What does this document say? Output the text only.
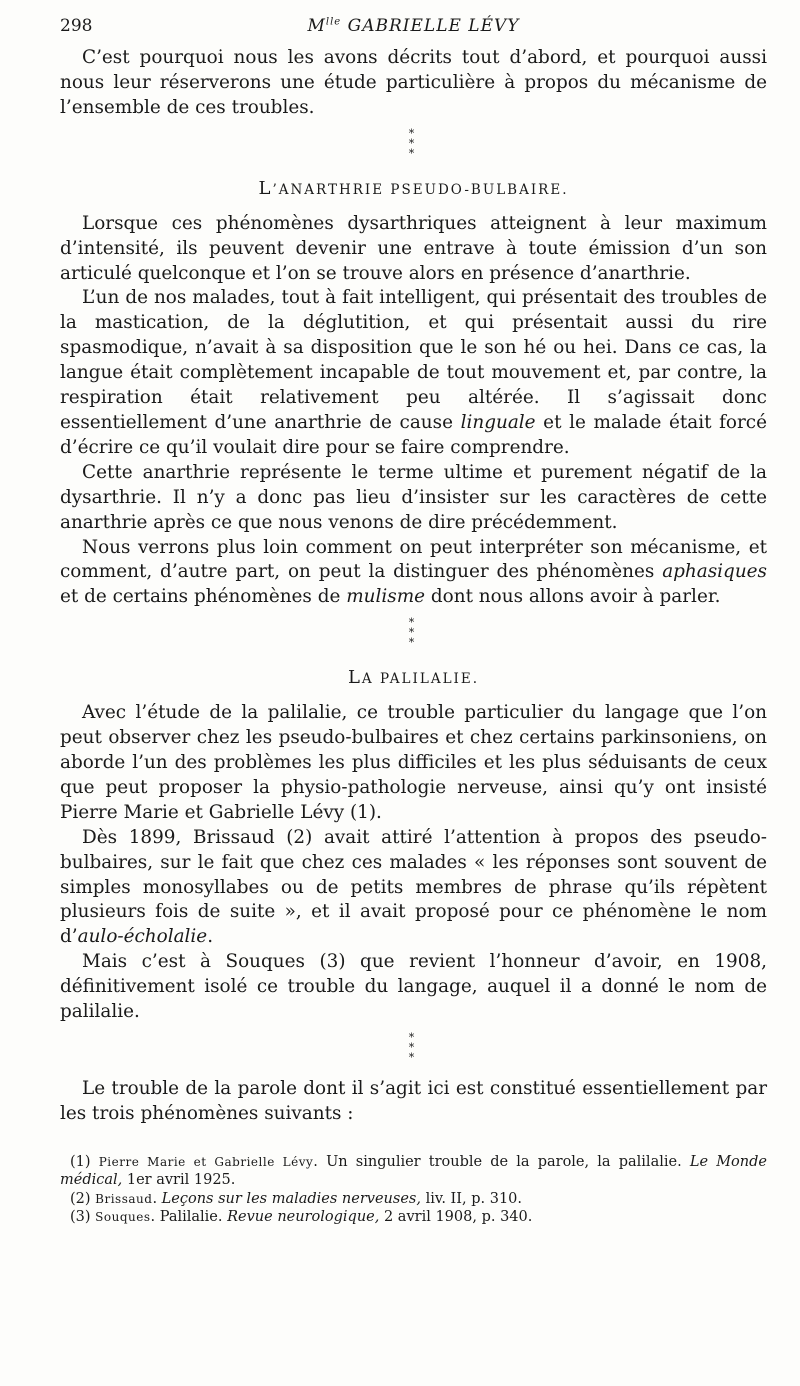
298	$M^{lle}$ GABRIELLE LÉVY

C’est pourquoi nous les avons décrits tout d’abord, et pourquoi aussi nous leur réserverons une étude particulière à propos du mécanisme de l’ensemble de ces troubles.

*
*
*
L’ANARTHRIE PSEUDO-BULBAIRE.

Lorsque ces phénomènes dysarthriques atteignent à leur maximum d’intensité, ils peuvent devenir une entrave à toute émission d’un son articulé quelconque et l’on se trouve alors en présence d’anarthrie.

L’un de nos malades, tout à fait intelligent, qui présentait des troubles de la mastication, de la déglutition, et qui présentait aussi du rire spasmodique, n’avait à sa disposition que le son hé ou hei. Dans ce cas, la langue était complètement incapable de tout mouvement et, par contre, la respiration était relativement peu altérée. Il s’agissait donc essentiellement d’une anarthrie de cause linguale et le malade était forcé d’écrire ce qu’il voulait dire pour se faire comprendre.

Cette anarthrie représente le terme ultime et purement négatif de la dysarthrie. Il n’y a donc pas lieu d’insister sur les caractères de cette anarthrie après ce que nous venons de dire précédemment.

Nous verrons plus loin comment on peut interpréter son mécanisme, et comment, d’autre part, on peut la distinguer des phénomènes aphasiques et de certains phénomènes de mulisme dont nous allons avoir à parler.

*
*
*
LA PALILALIE.

Avec l’étude de la palilalie, ce trouble particulier du langage que l’on peut observer chez les pseudo-bulbaires et chez certains parkinsoniens, on aborde l’un des problèmes les plus difficiles et les plus séduisants de ceux que peut proposer la physio-pathologie nerveuse, ainsi qu’y ont insisté Pierre Marie et Gabrielle Lévy (1).

Dès 1899, Brissaud (2) avait attiré l’attention à propos des pseudo-bulbaires, sur le fait que chez ces malades « les réponses sont souvent de simples monosyllabes ou de petits membres de phrase qu’ils répètent plusieurs fois de suite », et il avait proposé pour ce phénomène le nom d’aulo-écholalie.

Mais c’est à Souques (3) que revient l’honneur d’avoir, en 1908, définitivement isolé ce trouble du langage, auquel il a donné le nom de palilalie.

*
*
*

Le trouble de la parole dont il s’agit ici est constitué essentiellement par les trois phénomènes suivants :

(1) Pierre Marie et Gabrielle Lévy. Un singulier trouble de la parole, la palilalie. Le Monde médical, 1er avril 1925.

(2) Brissaud. Leçons sur les maladies nerveuses, liv. II, p. 310.

(3) Souques. Palilalie. Revue neurologique, 2 avril 1908, p. 340.
